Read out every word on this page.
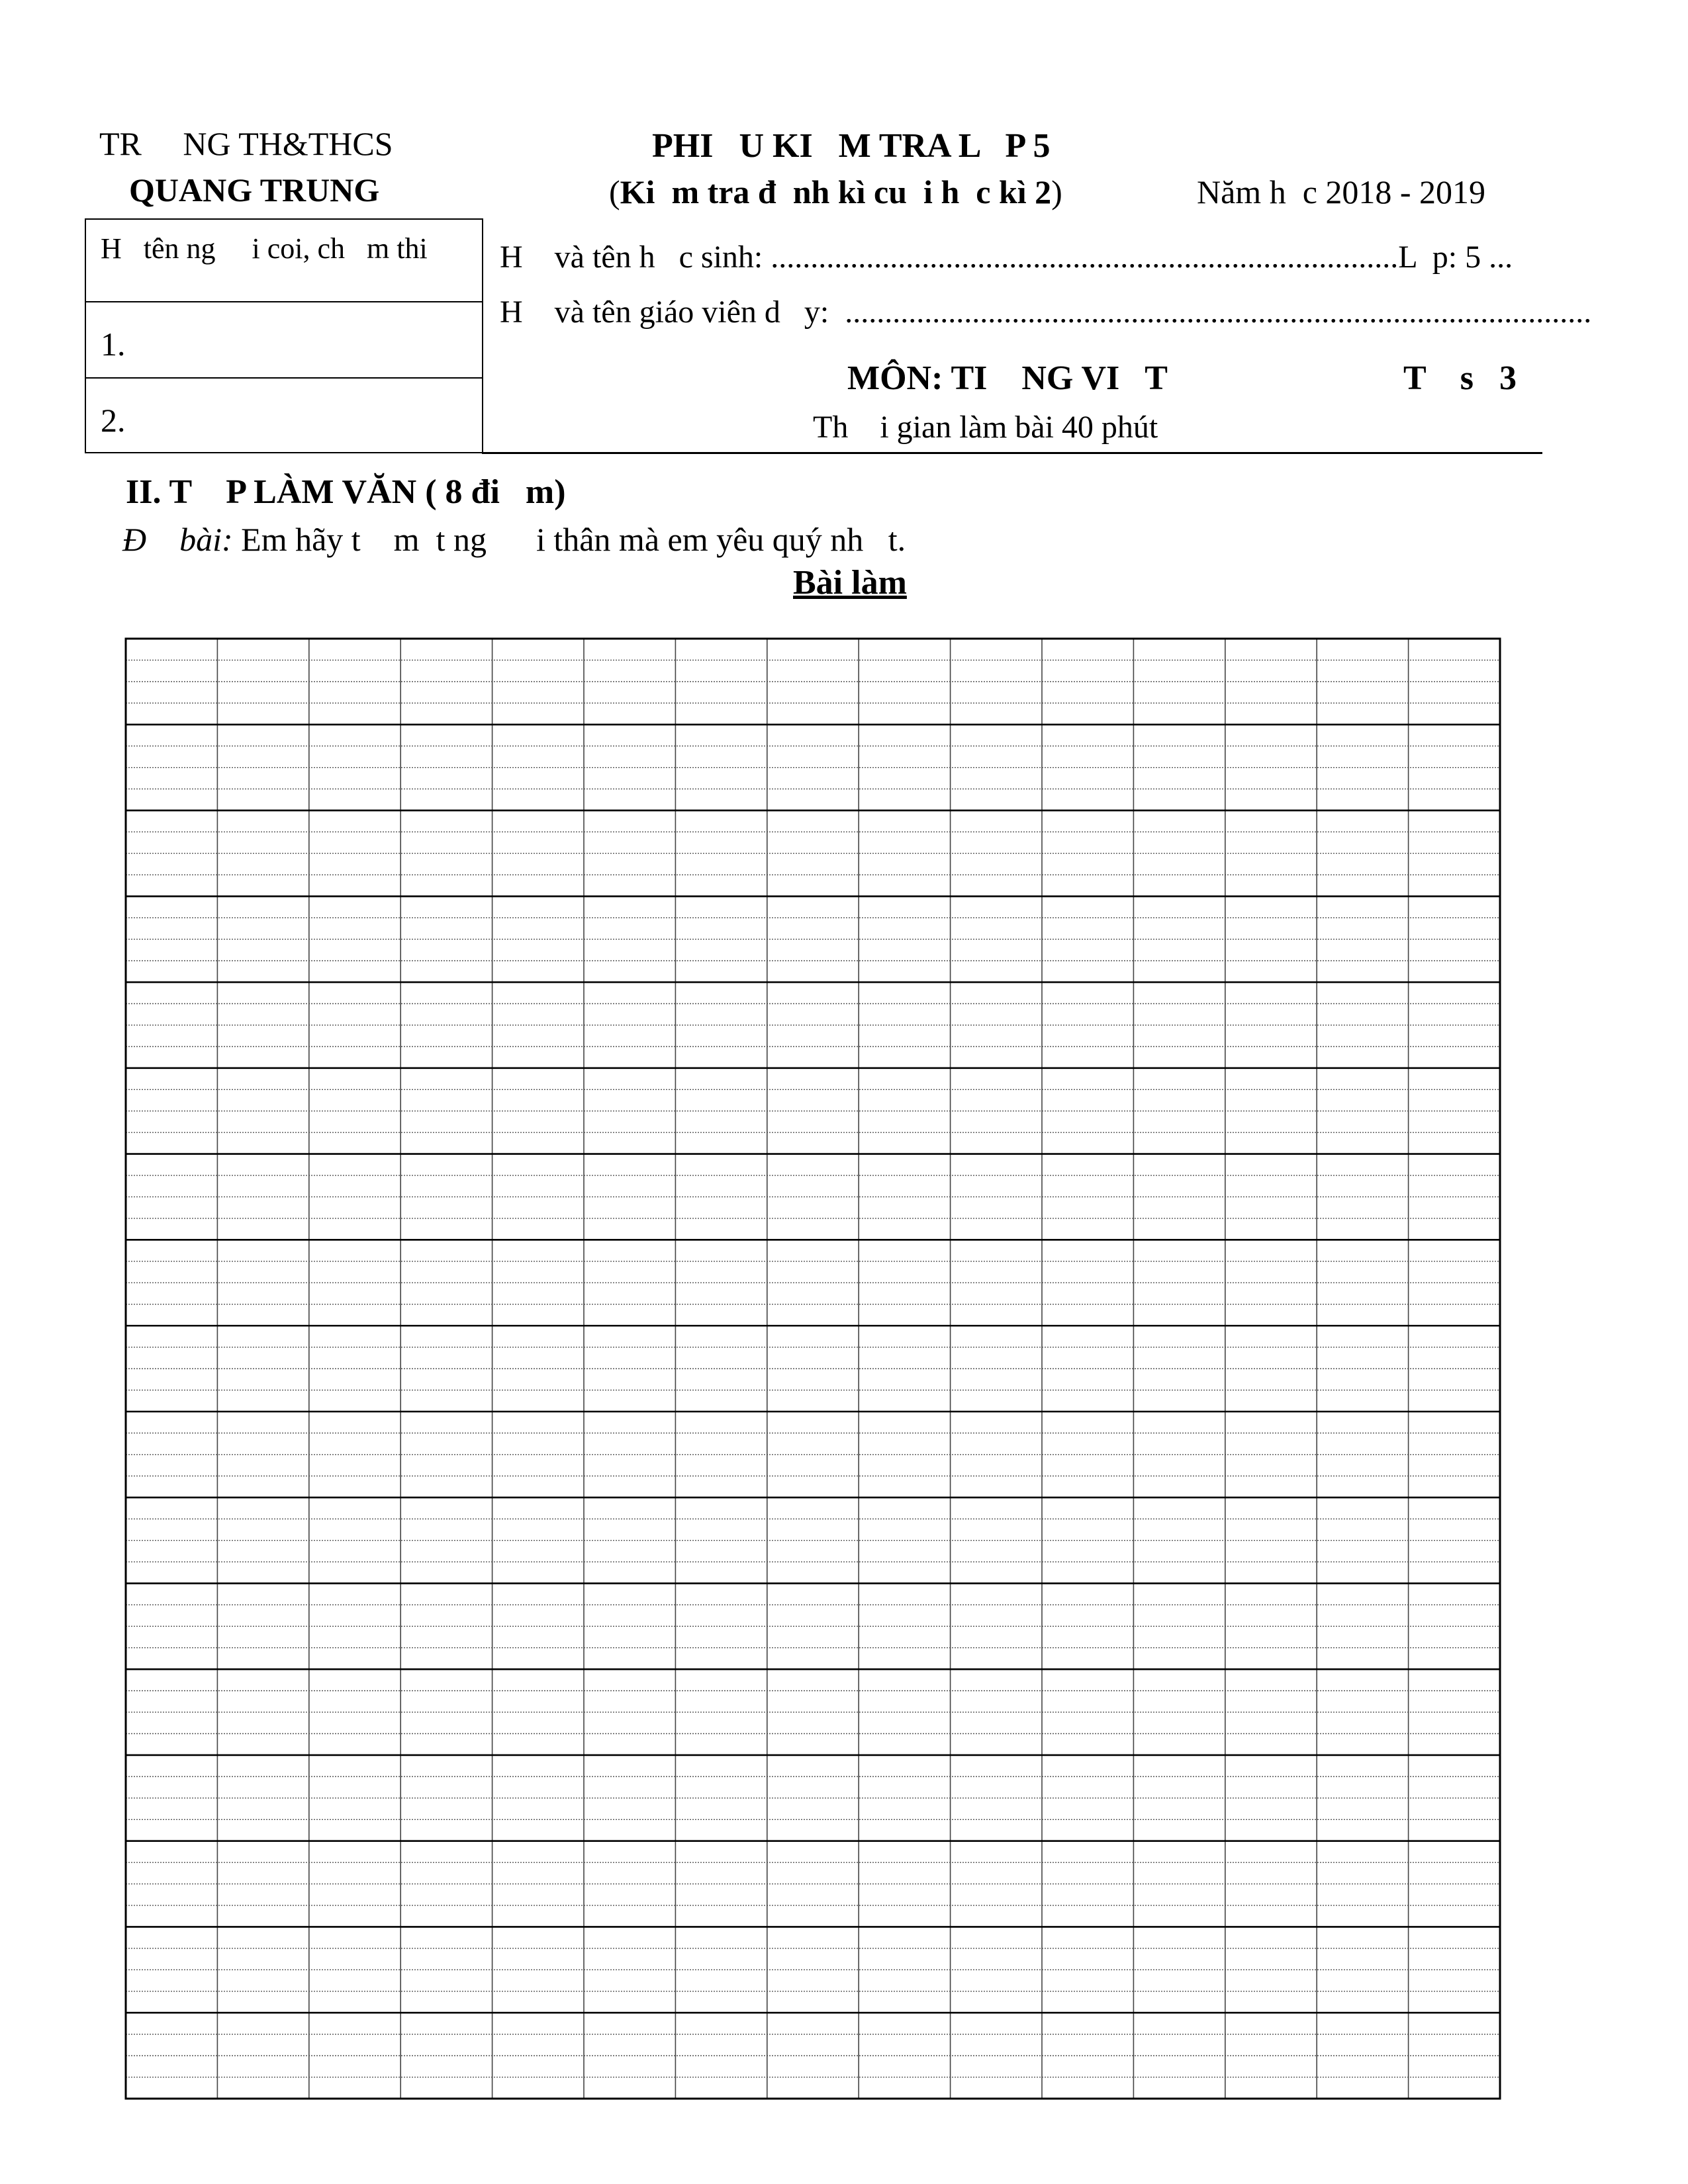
TR     NG TH&THCS
QUANG TRUNG
PHI   U KI   M TRA L   P 5
(Ki  m tra đ  nh kì cu  i h  c kì 2)	Năm h  c 2018 - 2019
H   tên ng     i coi, ch   m thi
1.
2.
H    và tên h   c sinh: ...............................................................................L  p: 5 ...
H    và tên giáo viên d   y:  ..............................................................................................
MÔN: TI    NG VI   T	T    s   3
Th    i gian làm bài 40 phút
II. T    P LÀM VĂN ( 8 đi   m)
Đ    bài: Em hãy t    m  t ng      i thân mà em yêu quý nh   t.
Bài làm
